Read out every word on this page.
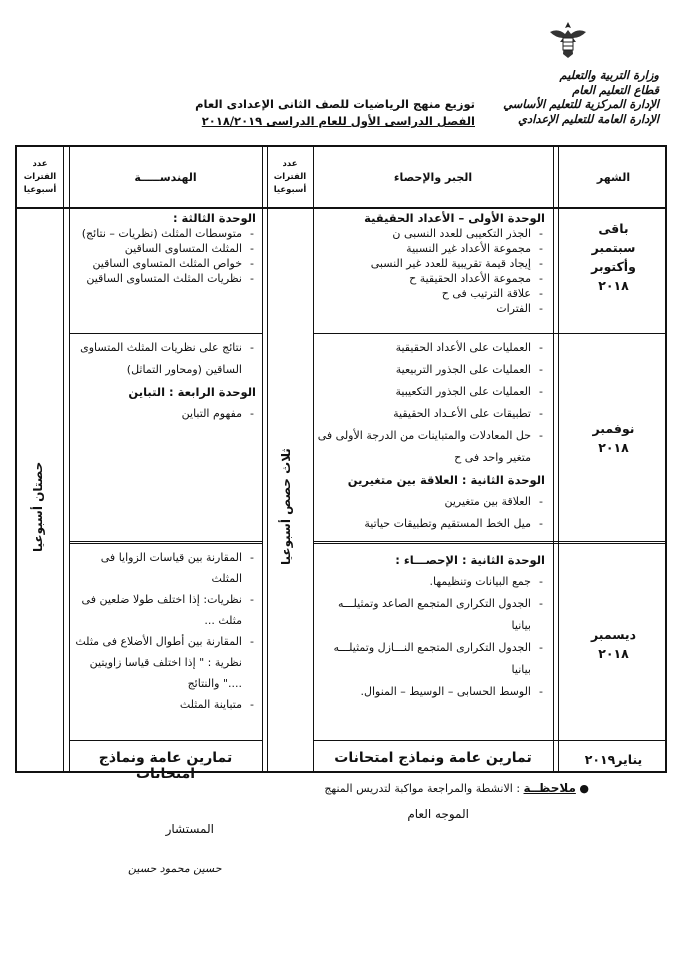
وزارة التربية والتعليم
قطاع التعليم العام
الإدارة المركزية للتعليم الأساسي
الإدارة العامة للتعليم الإعدادي
توزيع منهج الرياضيات للصف الثانى الإعدادى العام
الفصل الدراسى الأول للعام الدراسى ٢٠١٨/٢٠١٩
الشهر
الجبر والإحصاء
عدد
الفترات
أسبوعيا
الهندســـــة
عدد
الفترات
أسبوعيا
ثلاث حصص أسبوعيا
حصتان أسبوعيا
باقى
سبتمبر
وأكتوبر
٢٠١٨
الوحدة الأولى – الأعداد الحقيقية
- الجذر التكعيبى للعدد النسبى ن
- مجموعة الأعداد غير النسبية
- إيجاد قيمة تقريبية للعدد غير النسبى
- مجموعة الأعداد الحقيقية ح
- علاقة الترتيب فى ح
- الفترات
الوحدة الثالثة :
- متوسطات المثلث (نظريات – نتائج)
- المثلث المتساوى الساقين
- خواص المثلث المتساوى الساقين
- نظريات المثلث المتساوى الساقين
نوفمبر
٢٠١٨
- العمليات على الأعداد الحقيقية
- العمليات على الجذور التربيعية
- العمليات على الجذور التكعيبية
- تطبيقات على الأعـداد الحقيقية
- حل المعادلات والمتباينات من الدرجة الأولى فى متغير واحد فى ح
الوحدة الثانية : العلاقة بين متغيرين
- العلاقة بين متغيرين
- ميل الخط المستقيم وتطبيقات حياتية
- نتائج على نظريات المثلث المتساوى الساقين (ومحاور التماثل)
الوحدة الرابعة : التباين
- مفهوم التباين
ديسمبر
٢٠١٨
الوحدة الثانية : الإحصـــاء :
- جمع البيانات وتنظيمها.
- الجدول التكرارى المتجمع الصاعد وتمثيلـــه بيانيا
- الجدول التكرارى المتجمع النـــازل وتمثيلـــه بيانيا
- الوسط الحسابى – الوسيط – المنوال.
- المقارنة بين قياسات الزوايا فى المثلث
- نظريات: إذا اختلف طولا ضلعين فى مثلث ...
- المقارنة بين أطوال الأضلاع فى مثلث نظرية : " إذا اختلف قياسا زاويتين ...." والنتائج
- متباينة المثلث
يناير٢٠١٩
تمارين عامة ونماذج امتحانات
تمارين عامة ونماذج امتحانات
● ملاحظــة : الانشطة والمراجعة مواكبة لتدريس المنهج
الموجه العام
المستشار
حسين محمود حسين
